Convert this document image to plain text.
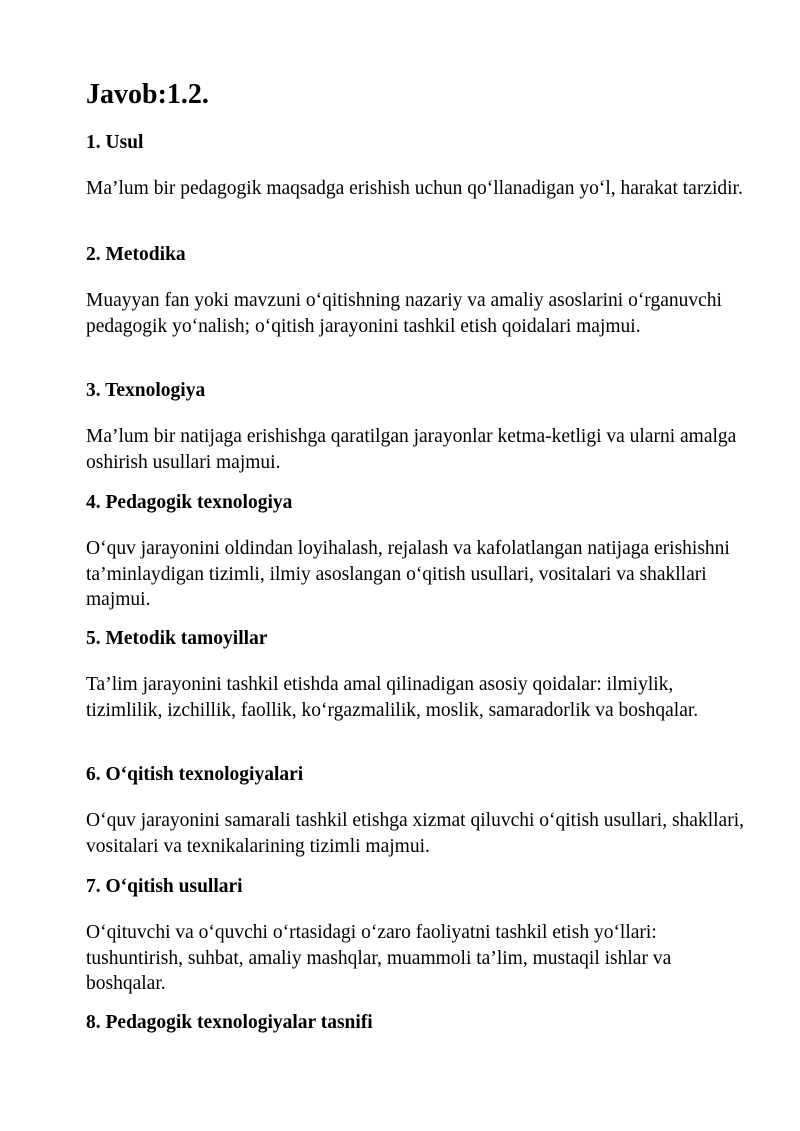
Javob:1.2.
1. Usul

Ma’lum bir pedagogik maqsadga erishish uchun qo‘llanadigan yo‘l, harakat tarzidir.

2. Metodika

Muayyan fan yoki mavzuni o‘qitishning nazariy va amaliy asoslarini o‘rganuvchi pedagogik yo‘nalish; o‘qitish jarayonini tashkil etish qoidalari majmui.

3. Texnologiya

Ma’lum bir natijaga erishishga qaratilgan jarayonlar ketma-ketligi va ularni amalga oshirish usullari majmui.

4. Pedagogik texnologiya

O‘quv jarayonini oldindan loyihalash, rejalash va kafolatlangan natijaga erishishni ta’minlaydigan tizimli, ilmiy asoslangan o‘qitish usullari, vositalari va shakllari majmui.

5. Metodik tamoyillar

Ta’lim jarayonini tashkil etishda amal qilinadigan asosiy qoidalar: ilmiylik, tizimlilik, izchillik, faollik, ko‘rgazmalilik, moslik, samaradorlik va boshqalar.

6. O‘qitish texnologiyalari

O‘quv jarayonini samarali tashkil etishga xizmat qiluvchi o‘qitish usullari, shakllari, vositalari va texnikalarining tizimli majmui.

7. O‘qitish usullari

O‘qituvchi va o‘quvchi o‘rtasidagi o‘zaro faoliyatni tashkil etish yo‘llari: tushuntirish, suhbat, amaliy mashqlar, muammoli ta’lim, mustaqil ishlar va boshqalar.

8. Pedagogik texnologiyalar tasnifi
